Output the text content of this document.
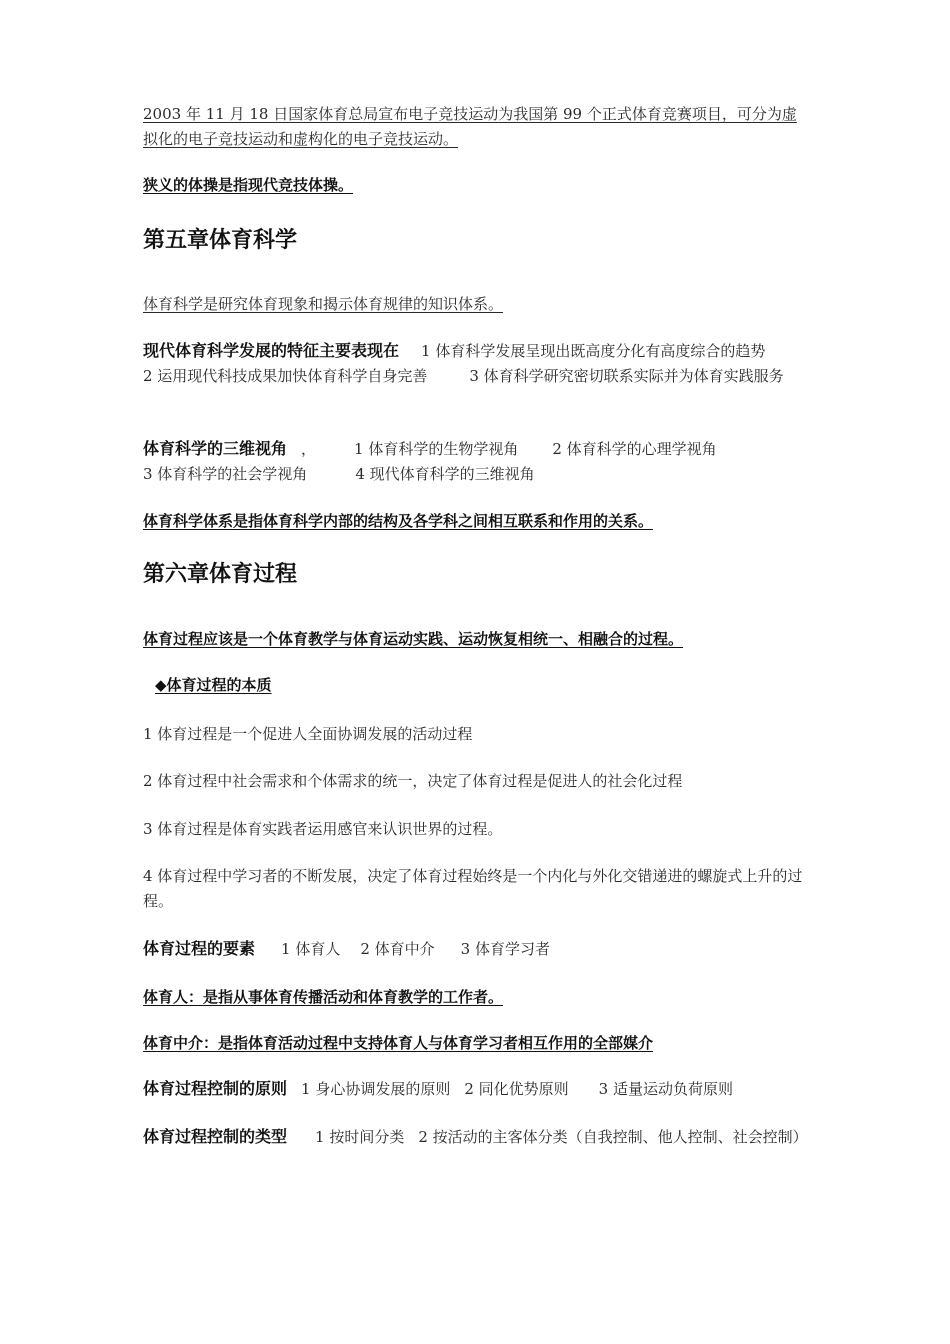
2003 年 11 月 18 日国家体育总局宣布电子竞技运动为我国第 99 个正式体育竞赛项目，可分为虚拟化的电子竞技运动和虚构化的电子竞技运动。

狭义的体操是指现代竞技体操。

第五章体育科学

体育科学是研究体育现象和揭示体育规律的知识体系。

现代体育科学发展的特征主要表现在 1 体育科学发展呈现出既高度分化有高度综合的趋势2 运用现代科技成果加快体育科学自身完善	3 体育科学研究密切联系实际并为体育实践服务

体育科学的三维视角 ，	1 体育科学的生物学视角 2 体育科学的心理学视角
3 体育科学的社会学视角	4 现代体育科学的三维视角

体育科学体系是指体育科学内部的结构及各学科之间相互联系和作用的关系。

第六章体育过程

体育过程应该是一个体育教学与体育运动实践、运动恢复相统一、相融合的过程。

◆体育过程的本质

1 体育过程是一个促进人全面协调发展的活动过程

2 体育过程中社会需求和个体需求的统一，决定了体育过程是促进人的社会化过程

3 体育过程是体育实践者运用感官来认识世界的过程。

4 体育过程中学习者的不断发展，决定了体育过程始终是一个内化与外化交错递进的螺旋式上升的过程。

体育过程的要素 1 体育人 2 体育中介 3 体育学习者

体育人：是指从事体育传播活动和体育教学的工作者。

体育中介：是指体育活动过程中支持体育人与体育学习者相互作用的全部媒介

体育过程控制的原则 1 身心协调发展的原则 2 同化优势原则 3 适量运动负荷原则

体育过程控制的类型 1 按时间分类 2 按活动的主客体分类（自我控制、他人控制、社会控制）
